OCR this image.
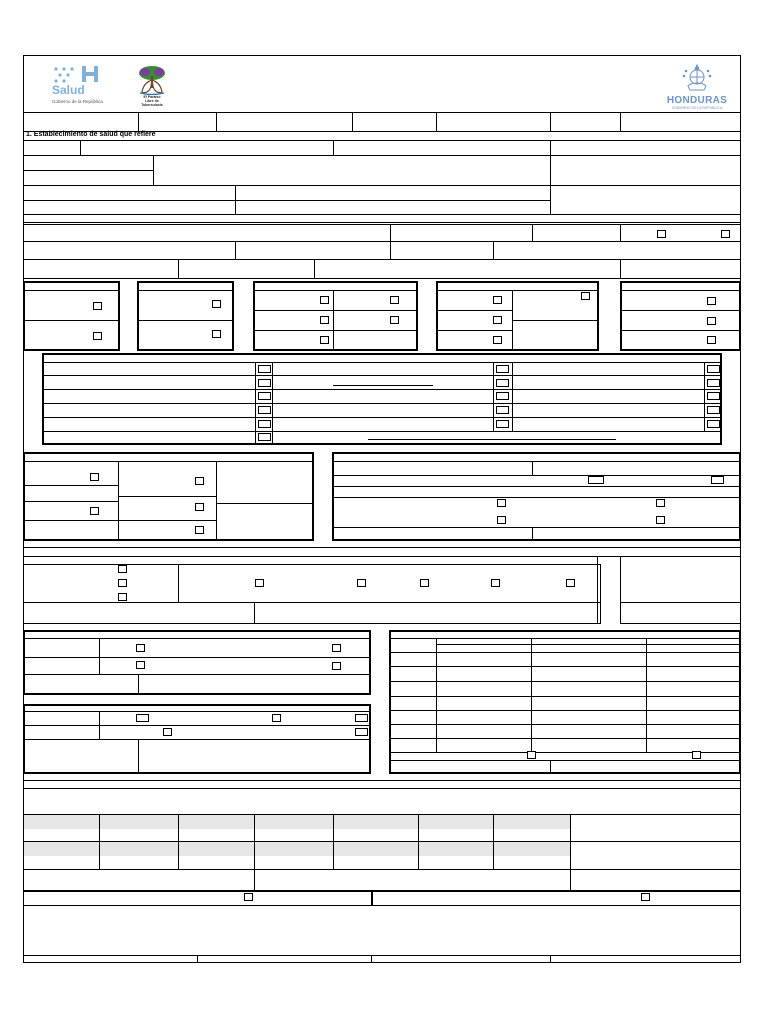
Salud
Gobierno de la República
El Paraíso
Libre de Tuberculosis	HONDURAS
GOBIERNO DE LA REPÚBLICA
1. Establecimiento de salud que refiere
